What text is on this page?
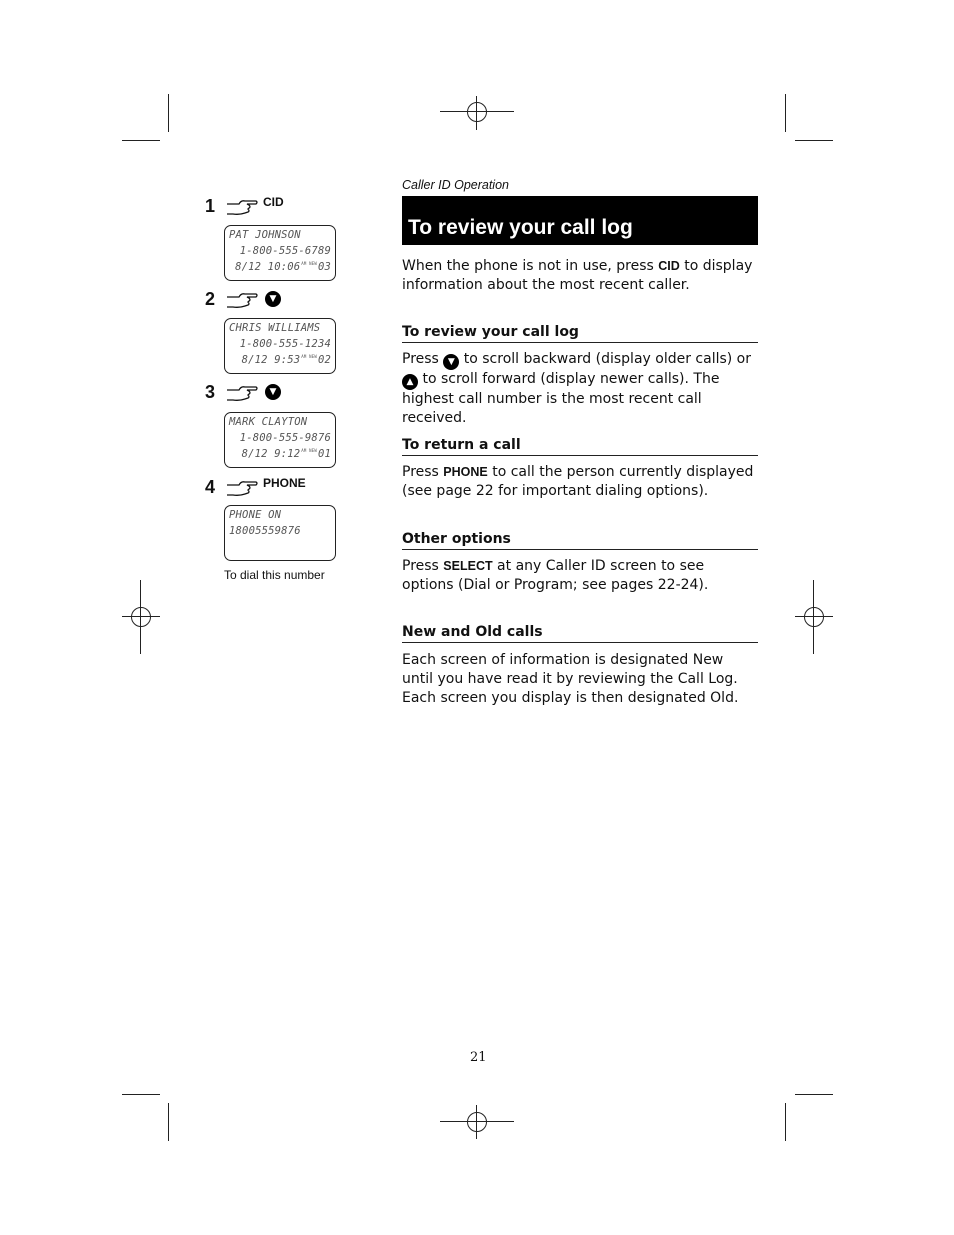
1	CID
PAT JOHNSON
1-800-555-6789
8/12 $10:06^{AM NEW}03$
2	▼
CHRIS WILLIAMS
1-800-555-1234
8/12 $9:53^{AM NEW}02$
3	▼
MARK CLAYTON
1-800-555-9876
8/12 $9:12^{AM NEW}01$
4	PHONE
PHONE ON
18005559876
To dial this number
Caller ID Operation
To review your call log
When the phone is not in use, press CID to display information about the most recent caller.
To review your call log
Press ▼ to scroll backward (display older calls) or ▲ to scroll forward (display newer calls). The highest call number is the most recent call received.
To return a call
Press PHONE to call the person currently displayed (see page 22 for important dialing options).
Other options
Press SELECT at any Caller ID screen to see options (Dial or Program; see pages 22-24).
New and Old calls
Each screen of information is designated New until you have read it by reviewing the Call Log. Each screen you display is then designated Old.
21
